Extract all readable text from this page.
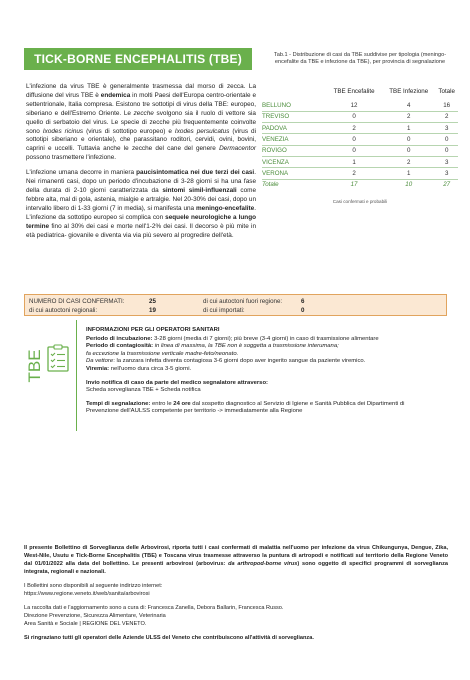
TICK-BORNE ENCEPHALITIS (TBE)

L'infezione da virus TBE è generalmente trasmessa dal morso di zecca. La diffusione del virus TBE è endemica in molti Paesi dell'Europa centro-orientale e settentrionale, Italia compresa. Esistono tre sottotipi di virus della TBE: europeo, siberiano e dell'Estremo Oriente. Le zecche svolgono sia il ruolo di vettore sia quello di serbatoio del virus. Le specie di zecche più frequentemente coinvolte sono Ixodes ricinus (virus di sottotipo europeo) e Ixodes persulcatus (virus di sottotipi siberiano e orientale), che parassitano roditori, cervidi, ovini, bovini, caprini e uccelli. Tuttavia anche le zecche del cane del genere Dermacentor possono trasmettere l'infezione.

L'infezione umana decorre in maniera paucisintomatica nei due terzi dei casi. Nei rimanenti casi, dopo un periodo d'incubazione di 3-28 giorni si ha una fase della durata di 2-10 giorni caratterizzata da sintomi simil-influenzali come febbre alta, mal di gola, astenia, mialgie e artralgie. Nel 20-30% dei casi, dopo un intervallo libero di 1-33 giorni (7 in media), si manifesta una meningo-encefalite. L'infezione da sottotipo europeo si complica con sequele neurologiche a lungo termine fino al 30% dei casi e morte nell'1-2% dei casi. Il decorso è più mite in età pediatrica- giovanile e diventa via via più severo al progredire dell'età.

Tab.1 - Distribuzione di casi da TBE suddivise per tipologia (meningo-encefalite da TBE e infezione da TBE), per provincia di segnalazione
	TBE Encefalite	TBE Infezione	Totale
BELLUNO	12	4	16
TREVISO	0	2	2
PADOVA	2	1	3
VENEZIA	0	0	0
ROVIGO	0	0	0
VICENZA	1	2	3
VERONA	2	1	3
Totale	17	10	27
Casi confermati e probabili
NUMERO DI CASI CONFERMATI:	25	di cui autoctoni fuori regione:	6
di cui autoctoni regionali:	19	di cui importati:	0
TBE
INFORMAZIONI PER GLI OPERATORI SANITARI
Periodo di incubazione: 3-28 giorni (media di 7 giorni); più breve (3-4 giorni) in caso di trasmissione alimentare
Periodo di contagiosità: in linea di massima, la TBE non è soggetta a trasmissione interumana;
fa eccezione la trasmissione verticale madre-feto/neonato.
Da vettore: la zanzara infetta diventa contagiosa 3-6 giorni dopo aver ingerito sangue da paziente viremico.
Viremia: nell'uomo dura circa 3-5 giorni.
Invio notifica di caso da parte del medico segnalatore attraverso:
Scheda sorveglianza TBE + Scheda notifica
Tempi di segnalazione: entro le 24 ore dal sospetto diagnostico al Servizio di Igiene e Sanità Pubblica dei Dipartimenti di Prevenzione dell'AULSS competente per territorio -> immediatamente alla Regione
Il presente Bollettino di Sorveglianza delle Arbovirosi, riporta tutti i casi confermati di malattia nell'uomo per infezione da virus Chikungunya, Dengue, Zika, West-Nile, Usutu e Tick-Borne Encephalitis (TBE) e Toscana virus trasmesse attraverso la puntura di artropodi e notificati sul territorio della Regione Veneto dal 01/01/2022 alla data del bollettino. Le presenti arbovirosi (arbovirus: da arthropod-borne virus) sono oggetto di specifici programmi di sorveglianza integrata, regionali e nazionali.
I Bollettini sono disponibili al seguente indirizzo internet:
https://www.regione.veneto.it/web/sanita/arbovirosi
La raccolta dati e l'aggiornamento sono a cura di: Francesca Zanella, Debora Ballarin, Francesca Russo.
Direzione Prevenzione, Sicurezza Alimentare, Veterinaria
Area Sanità e Sociale | REGIONE DEL VENETO.
Si ringraziano tutti gli operatori delle Aziende ULSS del Veneto che contribuiscono all'attività di sorveglianza.
